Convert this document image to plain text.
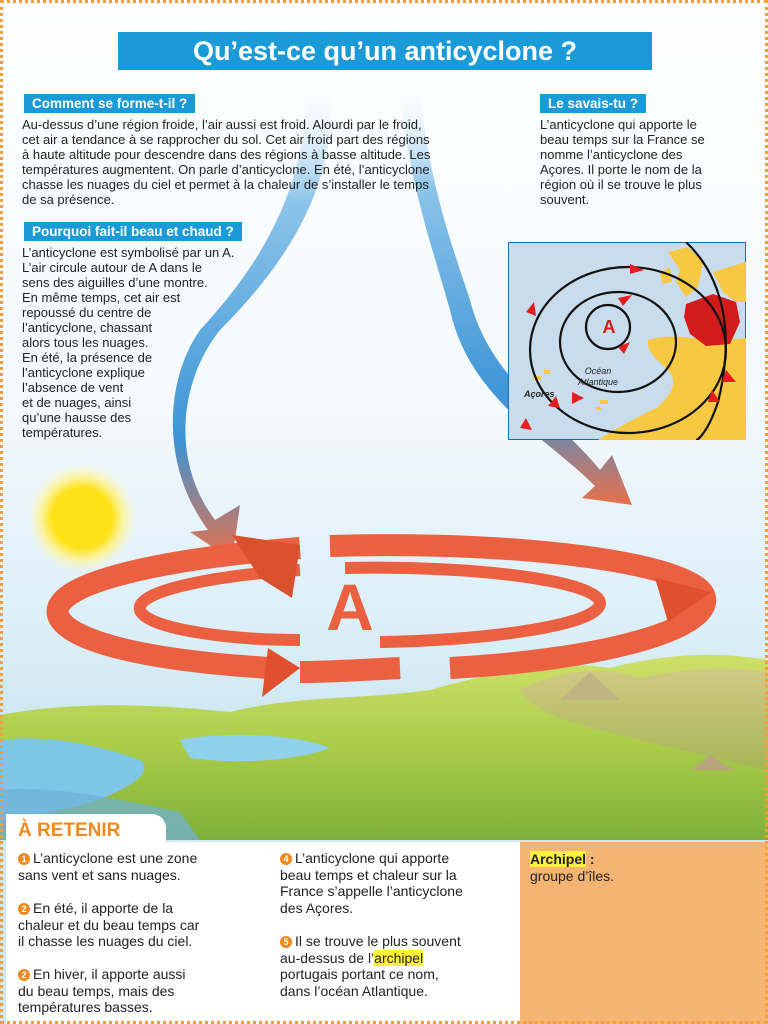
A
Qu’est-ce qu’un anticyclone ?
Comment se forme-t-il ?
Au-dessus d’une région froide, l’air aussi est froid. Alourdi par le froid,
cet air a tendance à se rapprocher du sol. Cet air froid part des régions
à haute altitude pour descendre dans des régions à basse altitude. Les
températures augmentent. On parle d’anticyclone. En été, l’anticyclone
chasse les nuages du ciel et permet à la chaleur de s’installer le temps
de sa présence.
Pourquoi fait-il beau et chaud ?
L’anticyclone est symbolisé par un A.
L’air circule autour de A dans le
sens des aiguilles d’une montre.
En même temps, cet air est
repoussé du centre de
l’anticyclone, chassant
alors tous les nuages.
En été, la présence de
l’anticyclone explique
l’absence de vent
et de nuages, ainsi
qu’une hausse des
températures.
Le savais-tu ?
L’anticyclone qui apporte le
beau temps sur la France se
nomme l’anticyclone des
Açores. Il porte le nom de la
région où il se trouve le plus
souvent.
A
Océan
Atlantique
Açores
À RETENIR
1 L’anticyclone est une zone
sans vent et sans nuages.
2 En été, il apporte de la
chaleur et du beau temps car
il chasse les nuages du ciel.
2 En hiver, il apporte aussi
du beau temps, mais des
températures basses.
4 L’anticyclone qui apporte
beau temps et chaleur sur la
France s’appelle l’anticyclone
des Açores.
5 Il se trouve le plus souvent
au-dessus de l’archipel
portugais portant ce nom,
dans l’océan Atlantique.
Archipel :
groupe d’îles.
